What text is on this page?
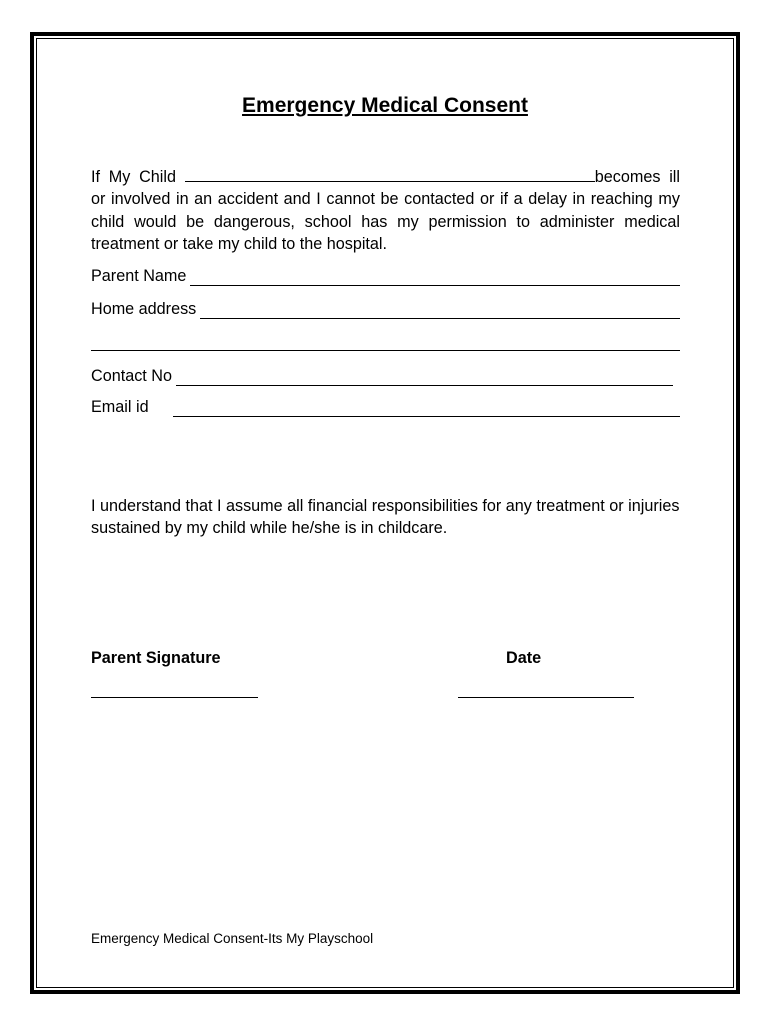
Emergency Medical Consent
If My Child	becomes ill or involved in an accident and I cannot be contacted or if a delay in reaching my child would be dangerous, school has my permission to administer medical treatment or take my child to the hospital.
Parent Name
Home address
Contact No
Email id
I understand that I assume all financial responsibilities for any treatment or injuries sustained by my child while he/she is in childcare.
Parent Signature	Date
Emergency Medical Consent-Its My Playschool
